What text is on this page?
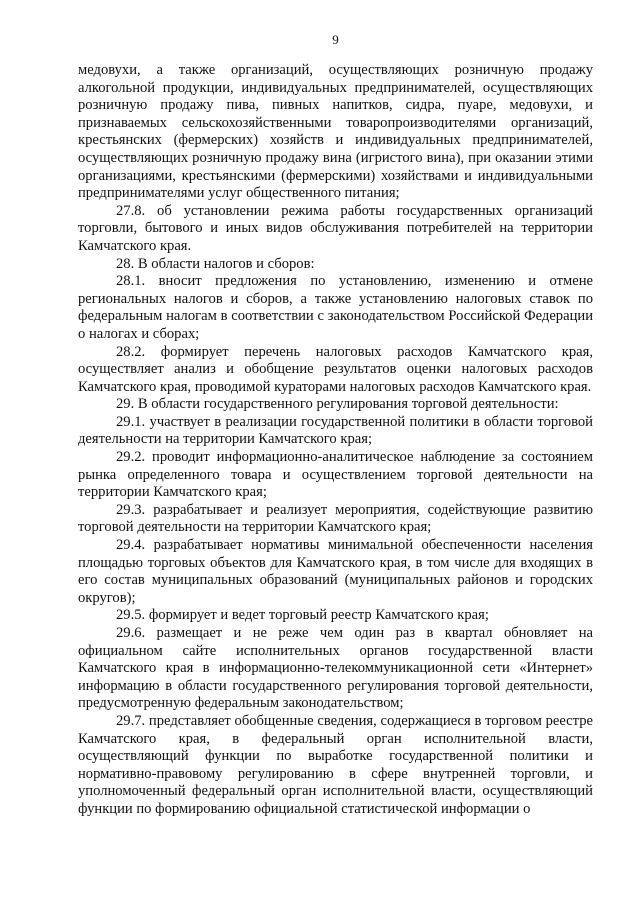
9

медовухи, а также организаций, осуществляющих розничную продажу алкогольной продукции, индивидуальных предпринимателей, осуществляющих розничную продажу пива, пивных напитков, сидра, пуаре, медовухи, и признаваемых сельскохозяйственными товаропроизводителями организаций, крестьянских (фермерских) хозяйств и индивидуальных предпринимателей, осуществляющих розничную продажу вина (игристого вина), при оказании этими организациями, крестьянскими (фермерскими) хозяйствами и индивидуальными предпринимателями услуг общественного питания;

27.8. об установлении режима работы государственных организаций торговли, бытового и иных видов обслуживания потребителей на территории Камчатского края.

28. В области налогов и сборов:

28.1. вносит предложения по установлению, изменению и отмене региональных налогов и сборов, а также установлению налоговых ставок по федеральным налогам в соответствии с законодательством Российской Федерации о налогах и сборах;

28.2. формирует перечень налоговых расходов Камчатского края, осуществляет анализ и обобщение результатов оценки налоговых расходов Камчатского края, проводимой кураторами налоговых расходов Камчатского края.

29. В области государственного регулирования торговой деятельности:

29.1. участвует в реализации государственной политики в области торговой деятельности на территории Камчатского края;

29.2. проводит информационно-аналитическое наблюдение за состоянием рынка определенного товара и осуществлением торговой деятельности на территории Камчатского края;

29.3. разрабатывает и реализует мероприятия, содействующие развитию торговой деятельности на территории Камчатского края;

29.4. разрабатывает нормативы минимальной обеспеченности населения площадью торговых объектов для Камчатского края, в том числе для входящих в его состав муниципальных образований (муниципальных районов и городских округов);

29.5. формирует и ведет торговый реестр Камчатского края;

29.6. размещает и не реже чем один раз в квартал обновляет на официальном сайте исполнительных органов государственной власти Камчатского края в информационно-телекоммуникационной сети «Интернет» информацию в области государственного регулирования торговой деятельности, предусмотренную федеральным законодательством;

29.7. представляет обобщенные сведения, содержащиеся в торговом реестре Камчатского края, в федеральный орган исполнительной власти, осуществляющий функции по выработке государственной политики и нормативно-правовому регулированию в сфере внутренней торговли, и уполномоченный федеральный орган исполнительной власти, осуществляющий функции по формированию официальной статистической информации о
